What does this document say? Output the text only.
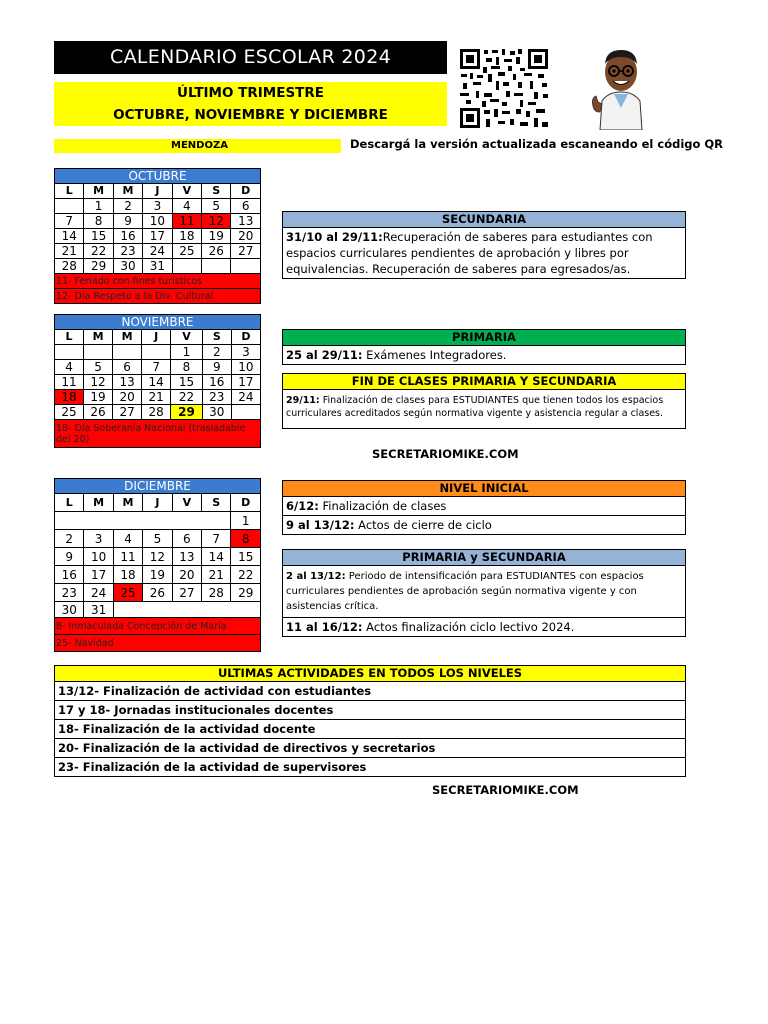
CALENDARIO ESCOLAR 2024
ÚLTIMO TRIMESTRE
OCTUBRE, NOVIEMBRE Y DICIEMBRE
MENDOZA	Descargá la versión actualizada escaneando el código QR
OCTUBRE						
L	M	M	J	V	S	D
	1	2	3	4	5	6
7	8	9	10	11	12	13
14	15	16	17	18	19	20
21	22	23	24	25	26	27
28	29	30	31			
11- Feriado con fines turísticos						
12- Día Respeto a la Div. Cultural						
NOVIEMBRE						
L	M	M	J	V	S	D
				1	2	3
4	5	6	7	8	9	10
11	12	13	14	15	16	17
18	19	20	21	22	23	24
25	26	27	28	29	30	
18- Día Soberanía Nacional (trasladable del 20)						
DICIEMBRE						
L	M	M	J	V	S	D
						1
2	3	4	5	6	7	8
9	10	11	12	13	14	15
16	17	18	19	20	21	22
23	24	25	26	27	28	29
30	31					
8- Inmaculada Concepción de María						
25- Navidad						
SECUNDARIA
31/10 al 29/11:Recuperación de saberes para estudiantes con espacios curriculares pendientes de aprobación y libres por equivalencias. Recuperación de saberes para egresados/as.
PRIMARIA
25 al 29/11: Exámenes Integradores.
FIN DE CLASES PRIMARIA Y SECUNDARIA
29/11: Finalización de clases para ESTUDIANTES que tienen todos los espacios curriculares acreditados según normativa vigente y asistencia regular a clases.
SECRETARIOMIKE.COM
NIVEL INICIAL
6/12: Finalización de clases
9 al 13/12: Actos de cierre de ciclo
PRIMARIA y SECUNDARIA
2 al 13/12: Periodo de intensificación para ESTUDIANTES con espacios curriculares pendientes de aprobación según normativa vigente y con asistencias crítica.
11 al 16/12: Actos finalización ciclo lectivo 2024.
ULTIMAS ACTIVIDADES EN TODOS LOS NIVELES
13/12- Finalización de actividad con estudiantes
17 y 18- Jornadas institucionales docentes
18- Finalización de la actividad docente
20- Finalización de la actividad de directivos y secretarios
23- Finalización de la actividad de supervisores
SECRETARIOMIKE.COM
